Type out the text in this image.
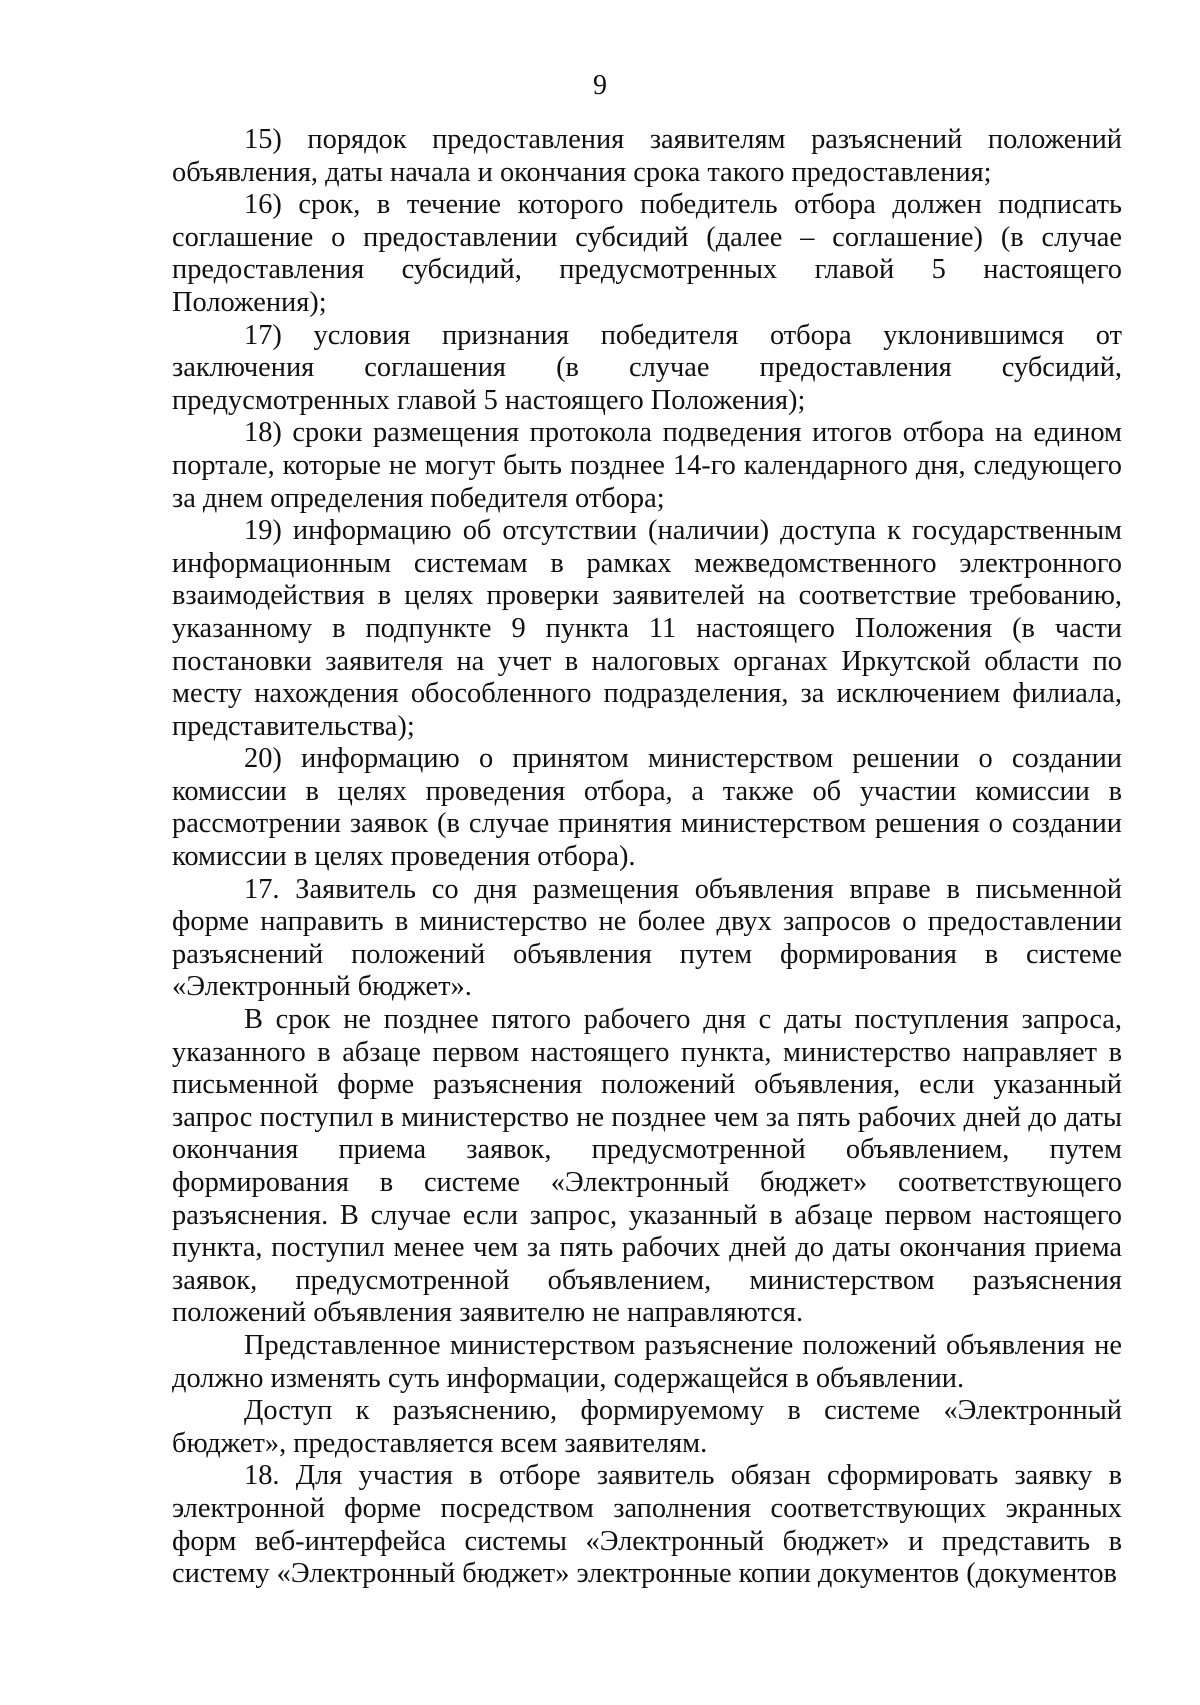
9

15) порядок предоставления заявителям разъяснений положений объявления, даты начала и окончания срока такого предоставления;

16) срок, в течение которого победитель отбора должен подписать соглашение о предоставлении субсидий (далее – соглашение) (в случае предоставления субсидий, предусмотренных главой 5 настоящего Положения);

17) условия признания победителя отбора уклонившимся от заключения соглашения (в случае предоставления субсидий, предусмотренных главой 5 настоящего Положения);

18) сроки размещения протокола подведения итогов отбора на едином портале, которые не могут быть позднее 14-го календарного дня, следующего за днем определения победителя отбора;

19) информацию об отсутствии (наличии) доступа к государственным информационным системам в рамках межведомственного электронного взаимодействия в целях проверки заявителей на соответствие требованию, указанному в подпункте 9 пункта 11 настоящего Положения (в части постановки заявителя на учет в налоговых органах Иркутской области по месту нахождения обособленного подразделения, за исключением филиала, представительства);

20) информацию о принятом министерством решении о создании комиссии в целях проведения отбора, а также об участии комиссии в рассмотрении заявок (в случае принятия министерством решения о создании комиссии в целях проведения отбора).

17. Заявитель со дня размещения объявления вправе в письменной форме направить в министерство не более двух запросов о предоставлении разъяснений положений объявления путем формирования в системе «Электронный бюджет».

В срок не позднее пятого рабочего дня с даты поступления запроса, указанного в абзаце первом настоящего пункта, министерство направляет в письменной форме разъяснения положений объявления, если указанный запрос поступил в министерство не позднее чем за пять рабочих дней до даты окончания приема заявок, предусмотренной объявлением, путем формирования в системе «Электронный бюджет» соответствующего разъяснения. В случае если запрос, указанный в абзаце первом настоящего пункта, поступил менее чем за пять рабочих дней до даты окончания приема заявок, предусмотренной объявлением, министерством разъяснения положений объявления заявителю не направляются.

Представленное министерством разъяснение положений объявления не должно изменять суть информации, содержащейся в объявлении.

Доступ к разъяснению, формируемому в системе «Электронный бюджет», предоставляется всем заявителям.

18. Для участия в отборе заявитель обязан сформировать заявку в электронной форме посредством заполнения соответствующих экранных форм веб-интерфейса системы «Электронный бюджет» и представить в систему «Электронный бюджет» электронные копии документов (документов
